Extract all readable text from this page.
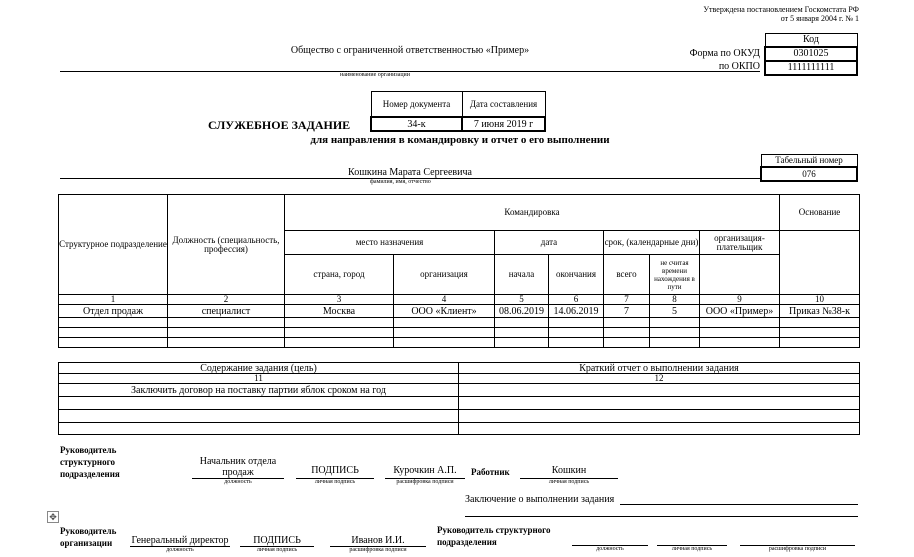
Утверждена постановлением Госкомстата РФ
от 5 января 2004 г. № 1
Код
0301025
1111111111
Форма по ОКУД
по ОКПО
Общество с ограниченной ответственностью «Пример»
наименование организации
Номер документа	Дата составления
34-к	7 июня 2019 г
СЛУЖЕБНОЕ ЗАДАНИЕ
для направления в командировку и отчет о его выполнении
Табельный номер
076
Кошкина Марата Сергеевича
фамилия, имя, отчество
Структурное подразделение	Должность (специальность, профессия)	Командировка							Основание
		место назначения		дата		срок, (календарные дни)		организация-плательщик	
		страна, город	организация	начала	окончания	всего	не считая времени нахождения в пути		
1	2	3	4	5	6	7	8	9	10
Отдел продаж	специалист	Москва	ООО «Клиент»	08.06.2019	14.06.2019	7	5	ООО «Пример»	Приказ №38-к

Содержание задания (цель)	Краткий отчет о выполнении задания
11	12
Заключить договор на поставку партии яблок сроком на год	

Руководитель структурного подразделения
Начальник отдела продаж
должность
ПОДПИСЬ
личная подпись
Курочкин А.П.
расшифровка подписи
Работник	Кошкин
личная подпись
Заключение о выполнении задания
✥
Руководитель организации	Генеральный директор
должность
ПОДПИСЬ
личная подпись
Иванов И.И.
расшифровка подписи
Руководитель структурного подразделения
должность	личная подпись	расшифровка подписи
